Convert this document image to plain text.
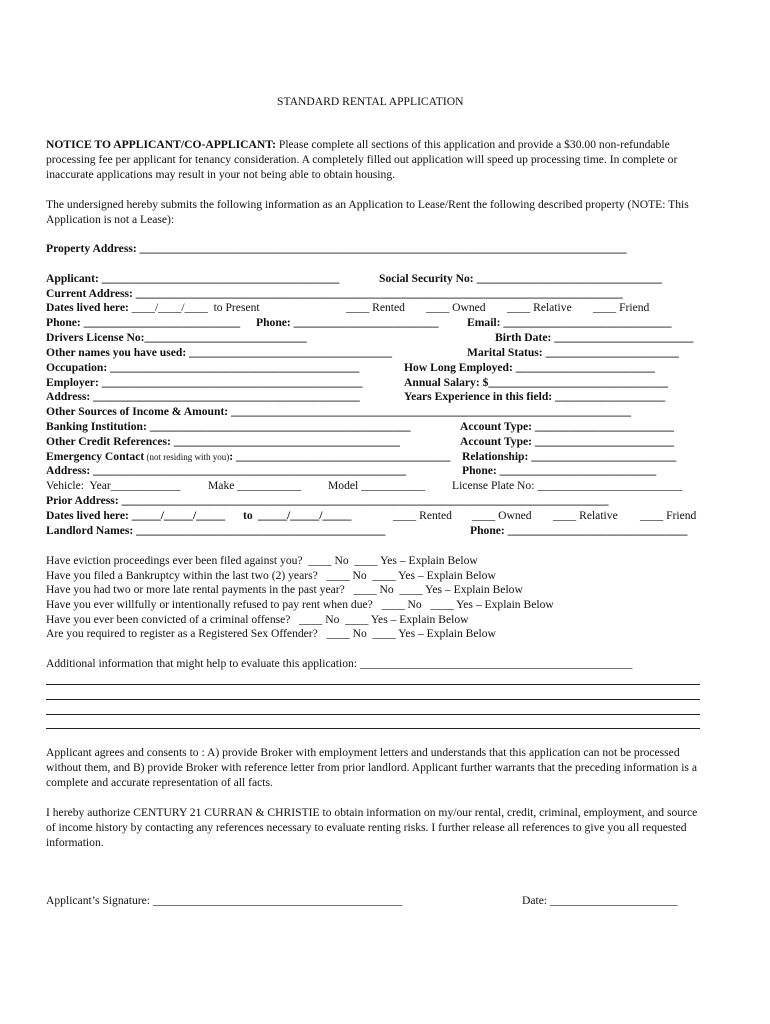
STANDARD RENTAL APPLICATION
NOTICE TO APPLICANT/CO-APPLICANT: Please complete all sections of this application and provide a $30.00 non-refundable processing fee per applicant for tenancy consideration. A completely filled out application will speed up processing time. In complete or inaccurate applications may result in your not being able to obtain housing.
The undersigned hereby submits the following information as an Application to Lease/Rent the following described property (NOTE: This Application is not a Lease):
Property Address: ____________________________________________________________________________________
Applicant: _________________________________________	Social Security No: ________________________________
Current Address: ____________________________________________________________________________________
Dates lived here: ____/____/____  to Present	____ Rented ____ Owned ____ Relative ____ Friend
Phone: ___________________________ Phone: _________________________ Email: _____________________________
Drivers License No:____________________________	Birth Date: ________________________
Other names you have used: ___________________________________	Marital Status: _______________________
Occupation: ___________________________________________	How Long Employed: ________________________
Employer: _____________________________________________	Annual Salary: $_______________________________
Address: ______________________________________________	Years Experience in this field: ___________________
Other Sources of Income & Amount: _____________________________________________________________________
Banking Institution: _____________________________________________	Account Type: ________________________
Other Credit References: _______________________________________	Account Type: ________________________
Emergency Contact (not residing with you): _____________________________________ Relationship: _________________________
Address: ______________________________________________________	Phone: ___________________________
Vehicle:  Year____________ Make ___________ Model ___________ License Plate No: _________________________
Prior Address: ____________________________________________________________________________________
Dates lived here: _____/_____/_____ to _____/_____/_____	____ Rented ____ Owned ____ Relative ____ Friend
Landlord Names: ___________________________________________	Phone: _______________________________
Have eviction proceedings ever been filed against you?  ____ No  ____ Yes – Explain Below
Have you filed a Bankruptcy within the last two (2) years?   ____ No  ____ Yes – Explain Below
Have you had two or more late rental payments in the past year?   ____ No  ____ Yes – Explain Below
Have you ever willfully or intentionally refused to pay rent when due?   ____ No   ____ Yes – Explain Below
Have you ever been convicted of a criminal offense?   ____ No  ____ Yes – Explain Below
Are you required to register as a Registered Sex Offender?   ____ No  ____ Yes – Explain Below
Additional information that might help to evaluate this application: _______________________________________________
Applicant agrees and consents to : A) provide Broker with employment letters and understands that this application can not be processed without them, and B) provide Broker with reference letter from prior landlord. Applicant further warrants that the preceding information is a complete and accurate representation of all facts.
I hereby authorize CENTURY 21 CURRAN & CHRISTIE to obtain information on my/our rental, credit, criminal, employment, and source of income history by contacting any references necessary to evaluate renting risks. I further release all references to give you all requested information.
Applicant’s Signature: ___________________________________________	Date: ______________________
